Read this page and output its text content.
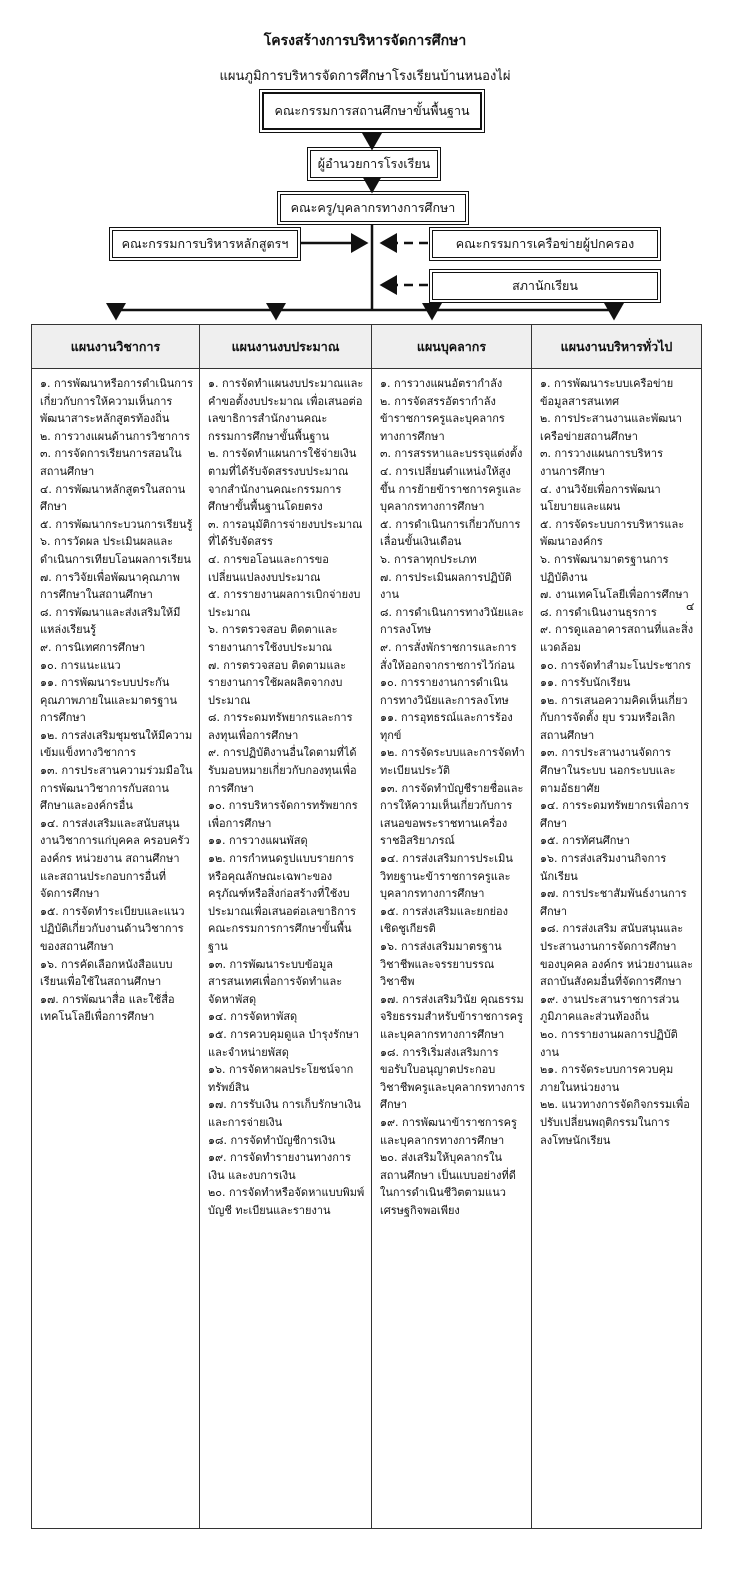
โครงสร้างการบริหารจัดการศึกษา
แผนภูมิการบริหารจัดการศึกษาโรงเรียนบ้านหนองไผ่
คณะกรรมการสถานศึกษาขั้นพื้นฐาน
ผู้อำนวยการโรงเรียน
คณะครู/บุคลากรทางการศึกษา
คณะกรรมการบริหารหลักสูตรฯ	คณะกรรมการเครือข่ายผู้ปกครอง
สภานักเรียน
แผนงานวิชาการ

๑. การพัฒนาหรือการดำเนินการเกี่ยวกับการให้ความเห็นการพัฒนาสาระหลักสูตรท้องถิ่น

๒. การวางแผนด้านการวิชาการ

๓. การจัดการเรียนการสอนในสถานศึกษา

๔. การพัฒนาหลักสูตรในสถานศึกษา

๕. การพัฒนากระบวนการเรียนรู้

๖. การวัดผล ประเมินผลและดำเนินการเทียบโอนผลการเรียน

๗. การวิจัยเพื่อพัฒนาคุณภาพการศึกษาในสถานศึกษา

๘. การพัฒนาและส่งเสริมให้มีแหล่งเรียนรู้

๙. การนิเทศการศึกษา

๑๐. การแนะแนว

๑๑. การพัฒนาระบบประกันคุณภาพภายในและมาตรฐานการศึกษา

๑๒. การส่งเสริมชุมชนให้มีความเข้มแข็งทางวิชาการ

๑๓. การประสานความร่วมมือในการพัฒนาวิชาการกับสถานศึกษาและองค์กรอื่น

๑๔. การส่งเสริมและสนับสนุนงานวิชาการแก่บุคคล ครอบครัว องค์กร หน่วยงาน สถานศึกษาและสถานประกอบการอื่นที่จัดการศึกษา

๑๕. การจัดทำระเบียบและแนวปฏิบัติเกี่ยวกับงานด้านวิชาการของสถานศึกษา

๑๖. การคัดเลือกหนังสือแบบเรียนเพื่อใช้ในสถานศึกษา

๑๗. การพัฒนาสื่อ และใช้สื่อเทคโนโลยีเพื่อการศึกษา

แผนงานงบประมาณ

๑. การจัดทำแผนงบประมาณและคำขอตั้งงบประมาณ เพื่อเสนอต่อเลขาธิการสำนักงานคณะกรรมการศึกษาขั้นพื้นฐาน

๒. การจัดทำแผนการใช้จ่ายเงิน ตามที่ได้รับจัดสรรงบประมาณจากสำนักงานคณะกรรมการศึกษาขั้นพื้นฐานโดยตรง

๓. การอนุมัติการจ่ายงบประมาณที่ได้รับจัดสรร

๔. การขอโอนและการขอเปลี่ยนแปลงงบประมาณ

๕. การรายงานผลการเบิกจ่ายงบประมาณ

๖. การตรวจสอบ ติดตาและรายงานการใช้งบประมาณ

๗. การตรวจสอบ ติดตามและรายงานการใช้ผลผลิตจากงบประมาณ

๘. การระดมทรัพยากรและการลงทุนเพื่อการศึกษา

๙. การปฏิบัติงานอื่นใดตามที่ได้รับมอบหมายเกี่ยวกับกองทุนเพื่อการศึกษา

๑๐. การบริหารจัดการทรัพยากรเพื่อการศึกษา

๑๑. การวางแผนพัสดุ

๑๒. การกำหนดรูปแบบรายการ หรือคุณลักษณะเฉพาะของครุภัณฑ์หรือสิ่งก่อสร้างที่ใช้งบประมาณเพื่อเสนอต่อเลขาธิการคณะกรรมการการศึกษาขั้นพื้นฐาน

๑๓. การพัฒนาระบบข้อมูลสารสนเทศเพื่อการจัดทำและจัดหาพัสดุ

๑๔. การจัดหาพัสดุ

๑๕. การควบคุมดูแล บำรุงรักษาและจำหน่ายพัสดุ

๑๖. การจัดหาผลประโยชน์จากทรัพย์สิน

๑๗. การรับเงิน การเก็บรักษาเงิน และการจ่ายเงิน

๑๘. การจัดทำบัญชีการเงิน

๑๙. การจัดทำรายงานทางการเงิน และงบการเงิน

๒๐. การจัดทำหรือจัดหาแบบพิมพ์บัญชี ทะเบียนและรายงาน

แผนบุคลากร

๑. การวางแผนอัตรากำลัง

๒. การจัดสรรอัตรากำลังข้าราชการครูและบุคลากรทางการศึกษา

๓. การสรรหาและบรรจุแต่งตั้ง

๔. การเปลี่ยนตำแหน่งให้สูงขึ้น การย้ายข้าราชการครูและบุคลากรทางการศึกษา

๕. การดำเนินการเกี่ยวกับการเลื่อนขั้นเงินเดือน

๖. การลาทุกประเภท

๗. การประเมินผลการปฏิบัติงาน

๘. การดำเนินการทางวินัยและการลงโทษ

๙. การสั่งพักราชการและการสั่งให้ออกจากราชการไว้ก่อน

๑๐. การรายงานการดำเนินการทางวินัยและการลงโทษ

๑๑. การอุทธรณ์และการร้องทุกข์

๑๒. การจัดระบบและการจัดทำทะเบียนประวัติ

๑๓. การจัดทำบัญชีรายชื่อและการให้ความเห็นเกี่ยวกับการเสนอขอพระราชทานเครื่องราชอิสริยาภรณ์

๑๔. การส่งเสริมการประเมินวิทยฐานะข้าราชการครูและบุคลากรทางการศึกษา

๑๕. การส่งเสริมและยกย่องเชิดชูเกียรติ

๑๖. การส่งเสริมมาตรฐานวิชาชีพและจรรยาบรรณวิชาชีพ

๑๗. การส่งเสริมวินัย คุณธรรมจริยธรรมสำหรับข้าราชการครูและบุคลากรทางการศึกษา

๑๘. การริเริ่มส่งเสริมการขอรับใบอนุญาตประกอบวิชาชีพครูและบุคลากรทางการศึกษา

๑๙. การพัฒนาข้าราชการครูและบุคลากรทางการศึกษา

๒๐. ส่งเสริมให้บุคลากรในสถานศึกษา เป็นแบบอย่างที่ดีในการดำเนินชีวิตตามแนวเศรษฐกิจพอเพียง

แผนงานบริหารทั่วไป

๑. การพัฒนาระบบเครือข่ายข้อมูลสารสนเทศ

๒. การประสานงานและพัฒนาเครือข่ายสถานศึกษา

๓. การวางแผนการบริหารงานการศึกษา

๔. งานวิจัยเพื่อการพัฒนานโยบายและแผน

๕. การจัดระบบการบริหารและพัฒนาองค์กร

๖. การพัฒนามาตรฐานการปฏิบัติงาน

๗. งานเทคโนโลยีเพื่อการศึกษา

๘. การดำเนินงานธุรการ

๙. การดูแลอาคารสถานที่และสิ่งแวดล้อม

๑๐. การจัดทำสำมะโนประชากร

๑๑. การรับนักเรียน

๑๒. การเสนอความคิดเห็นเกี่ยวกับการจัดตั้ง ยุบ รวมหรือเลิกสถานศึกษา

๑๓. การประสานงานจัดการศึกษาในระบบ นอกระบบและตามอัธยาศัย

๑๔. การระดมทรัพยากรเพื่อการศึกษา

๑๕. การทัศนศึกษา

๑๖. การส่งเสริมงานกิจการนักเรียน

๑๗. การประชาสัมพันธ์งานการศึกษา

๑๘. การส่งเสริม สนับสนุนและประสานงานการจัดการศึกษา ของบุคคล องค์กร หน่วยงานและสถาบันสังคมอื่นที่จัดการศึกษา

๑๙. งานประสานราชการส่วนภูมิภาคและส่วนท้องถิ่น

๒๐. การรายงานผลการปฏิบัติงาน

๒๑. การจัดระบบการควบคุมภายในหน่วยงาน

๒๒. แนวทางการจัดกิจกรรมเพื่อปรับเปลี่ยนพฤติกรรมในการลงโทษนักเรียน

๔
